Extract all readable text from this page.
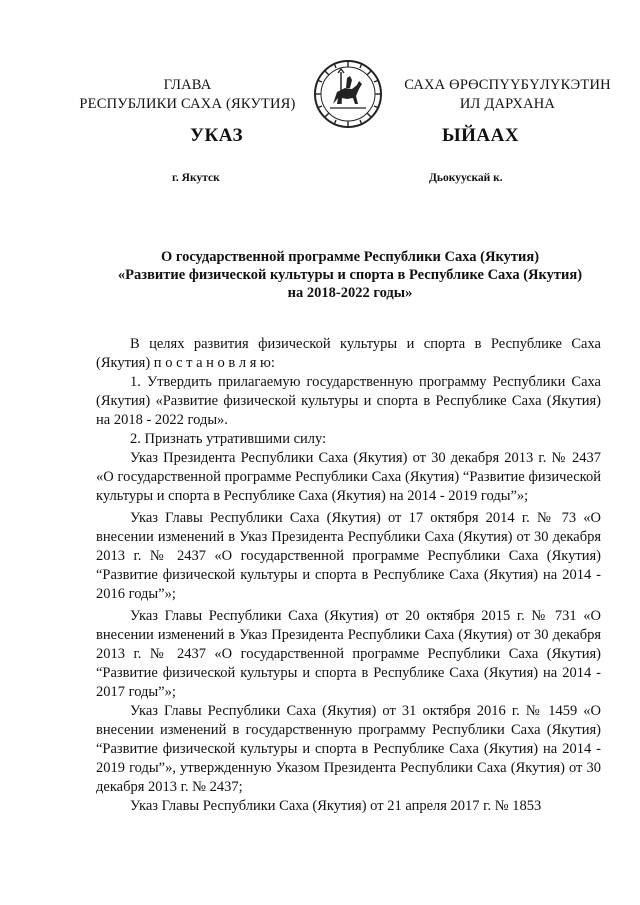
ГЛАВА
РЕСПУБЛИКИ САХА (ЯКУТИЯ)
САХА ӨРӨСПҮҮБҮЛҮКЭТИН
ИЛ ДАРХАНА
УКАЗ	ЫЙААХ
г. Якутск	Дьокуускай к.
О государственной программе Республики Саха (Якутия)
«Развитие физической культуры и спорта в Республике Саха (Якутия)
на 2018-2022 годы»

В целях развития физической культуры и спорта в Республике Саха (Якутия) п о с т а н о в л я ю:

1. Утвердить прилагаемую государственную программу Республики Саха (Якутия) «Развитие физической культуры и спорта в Республике Саха (Якутия) на 2018 - 2022 годы».

2. Признать утратившими силу:

Указ Президента Республики Саха (Якутия) от 30 декабря 2013 г. № 2437 «О государственной программе Республики Саха (Якутия) “Развитие физической культуры и спорта в Республике Саха (Якутия) на 2014 - 2019 годы”»;

Указ Главы Республики Саха (Якутия) от 17 октября 2014 г. № 73 «О внесении изменений в Указ Президента Республики Саха (Якутия) от 30 декабря 2013 г. № 2437 «О государственной программе Республики Саха (Якутия) “Развитие физической культуры и спорта в Республике Саха (Якутия) на 2014 - 2016 годы”»;

Указ Главы Республики Саха (Якутия) от 20 октября 2015 г. № 731 «О внесении изменений в Указ Президента Республики Саха (Якутия) от 30 декабря 2013 г. № 2437 «О государственной программе Республики Саха (Якутия) “Развитие физической культуры и спорта в Республике Саха (Якутия) на 2014 - 2017 годы”»;

Указ Главы Республики Саха (Якутия) от 31 октября 2016 г. № 1459 «О внесении изменений в государственную программу Республики Саха (Якутия) “Развитие физической культуры и спорта в Республике Саха (Якутия) на 2014 - 2019 годы”», утвержденную Указом Президента Республики Саха (Якутия) от 30 декабря 2013 г. № 2437;

Указ Главы Республики Саха (Якутия) от 21 апреля 2017 г. № 1853
